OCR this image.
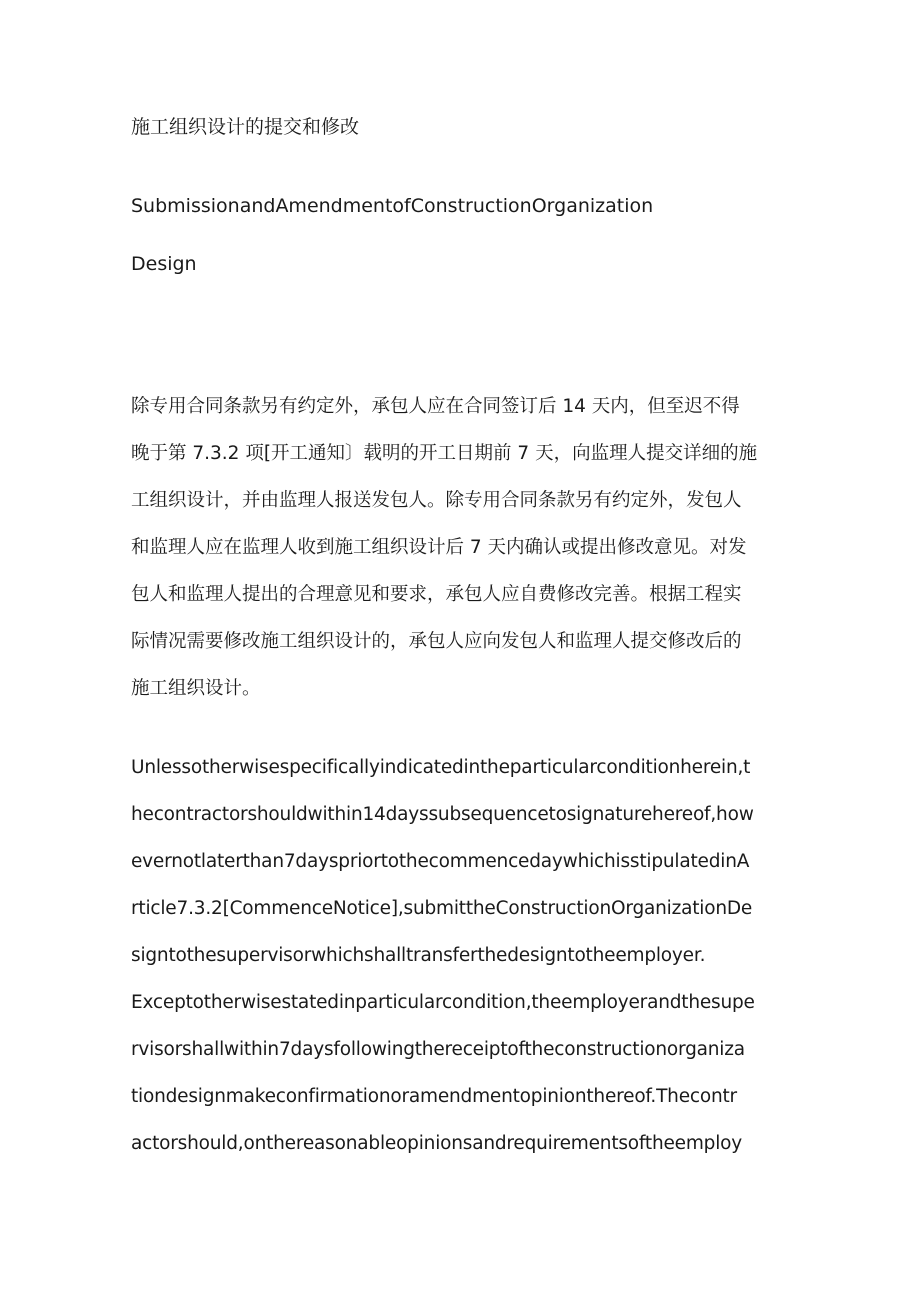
施工组织设计的提交和修改
SubmissionandAmendmentofConstructionOrganization
Design
除专用合同条款另有约定外，承包人应在合同签订后 14 天内，但至迟不得
晚于第 7.3.2 项[开工通知〕载明的开工日期前 7 天，向监理人提交详细的施
工组织设计，并由监理人报送发包人。除专用合同条款另有约定外，发包人
和监理人应在监理人收到施工组织设计后 7 天内确认或提出修改意见。对发
包人和监理人提出的合理意见和要求，承包人应自费修改完善。根据工程实
际情况需要修改施工组织设计的，承包人应向发包人和监理人提交修改后的
施工组织设计。
Unlessotherwisespecificallyindicatedintheparticularconditionherein,t
hecontractorshouldwithin14dayssubsequencetosignaturehereof,how
evernotlaterthan7dayspriortothecommencedaywhichisstipulatedinA
rticle7.3.2[CommenceNotice],submittheConstructionOrganizationDe
signtothesupervisorwhichshalltransferthedesigntotheemployer.
Exceptotherwisestatedinparticularcondition,theemployerandthesupe
rvisorshallwithin7daysfollowingthereceiptoftheconstructionorganiza
tiondesignmakeconfirmationoramendmentopinionthereof.Thecontr
actorshould,onthereasonableopinionsandrequirementsoftheemploy
